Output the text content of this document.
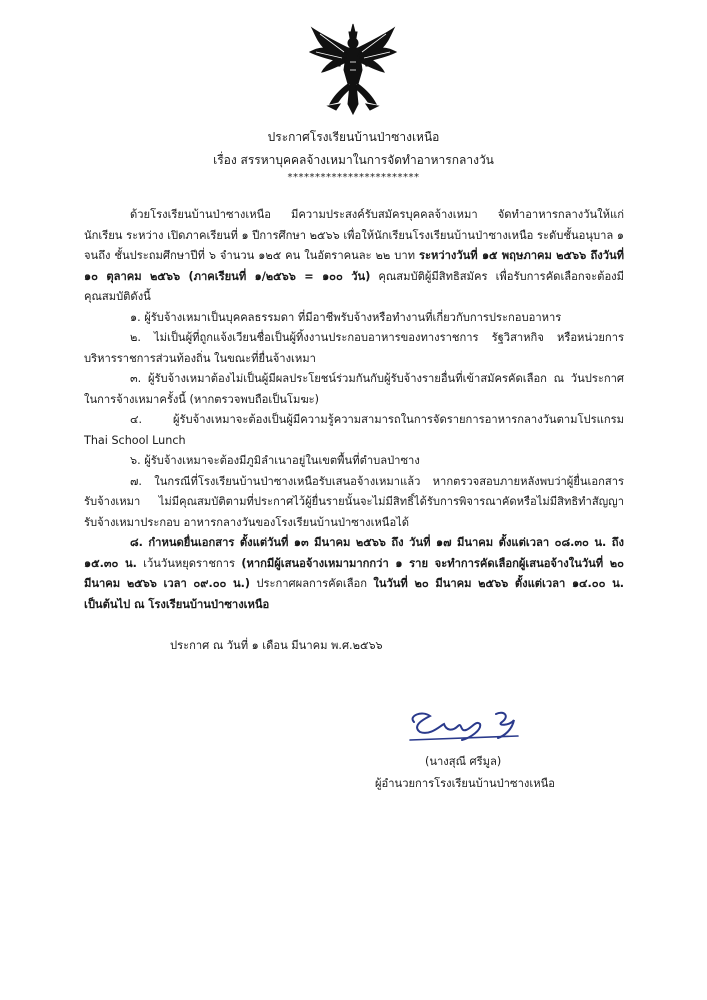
ประกาศโรงเรียนบ้านป่าซางเหนือ
เรื่อง สรรหาบุคคลจ้างเหมาในการจัดทำอาหารกลางวัน
************************

ด้วยโรงเรียนบ้านป่าซางเหนือ มีความประสงค์รับสมัครบุคคลจ้างเหมา จัดทำอาหารกลางวันให้แก่นักเรียน ระหว่าง เปิดภาคเรียนที่ ๑ ปีการศึกษา ๒๕๖๖ เพื่อให้นักเรียนโรงเรียนบ้านป่าซางเหนือ ระดับชั้นอนุบาล ๑ จนถึง ชั้นประถมศึกษาปีที่ ๖ จำนวน ๑๒๕ คน ในอัตราคนละ ๒๒ บาท ระหว่างวันที่ ๑๕ พฤษภาคม ๒๕๖๖ ถึงวันที่ ๑๐ ตุลาคม ๒๕๖๖ (ภาคเรียนที่ ๑/๒๕๖๖ = ๑๐๐ วัน) คุณสมบัติผู้มีสิทธิสมัคร เพื่อรับการคัดเลือกจะต้องมีคุณสมบัติดังนี้

๑. ผู้รับจ้างเหมาเป็นบุคคลธรรมดา ที่มีอาชีพรับจ้างหรือทำงานที่เกี่ยวกับการประกอบอาหาร

๒. ไม่เป็นผู้ที่ถูกแจ้งเวียนชื่อเป็นผู้ทิ้งงานประกอบอาหารของทางราชการ รัฐวิสาหกิจ หรือหน่วยการบริหารราชการส่วนท้องถิ่น ในขณะที่ยื่นจ้างเหมา

๓. ผู้รับจ้างเหมาต้องไม่เป็นผู้มีผลประโยชน์ร่วมกันกับผู้รับจ้างรายอื่นที่เข้าสมัครคัดเลือก ณ วันประกาศ ในการจ้างเหมาครั้งนี้ (หากตรวจพบถือเป็นโมฆะ)

๔. ผู้รับจ้างเหมาจะต้องเป็นผู้มีความรู้ความสามารถในการจัดรายการอาหารกลางวันตามโปรแกรม Thai School Lunch

๖. ผู้รับจ้างเหมาจะต้องมีภูมิลำเนาอยู่ในเขตพื้นที่ตำบลป่าซาง

๗. ในกรณีที่โรงเรียนบ้านป่าซางเหนือรับเสนอจ้างเหมาแล้ว หากตรวจสอบภายหลังพบว่าผู้ยื่นเอกสารรับจ้างเหมา ไม่มีคุณสมบัติตามที่ประกาศไว้ผู้ยื่นรายนั้นจะไม่มีสิทธิ์ได้รับการพิจารณาคัดหรือไม่มีสิทธิทำสัญญารับจ้างเหมาประกอบ อาหารกลางวันของโรงเรียนบ้านป่าซางเหนือได้

๘. กำหนดยื่นเอกสาร ตั้งแต่วันที่ ๑๓ มีนาคม ๒๕๖๖ ถึง วันที่ ๑๗ มีนาคม ตั้งแต่เวลา ๐๘.๓๐ น. ถึง ๑๕.๓๐ น. เว้นวันหยุดราชการ (หากมีผู้เสนอจ้างเหมามากกว่า ๑ ราย จะทำการคัดเลือกผู้เสนอจ้างในวันที่ ๒๐ มีนาคม ๒๕๖๖ เวลา ๐๙.๐๐ น.) ประกาศผลการคัดเลือก ในวันที่ ๒๐ มีนาคม ๒๕๖๖ ตั้งแต่เวลา ๑๔.๐๐ น. เป็นต้นไป ณ โรงเรียนบ้านป่าซางเหนือ

ประกาศ ณ วันที่ ๑ เดือน มีนาคม พ.ศ.๒๕๖๖
(นางสุณี ศรีมูล)
ผู้อำนวยการโรงเรียนบ้านป่าซางเหนือ
